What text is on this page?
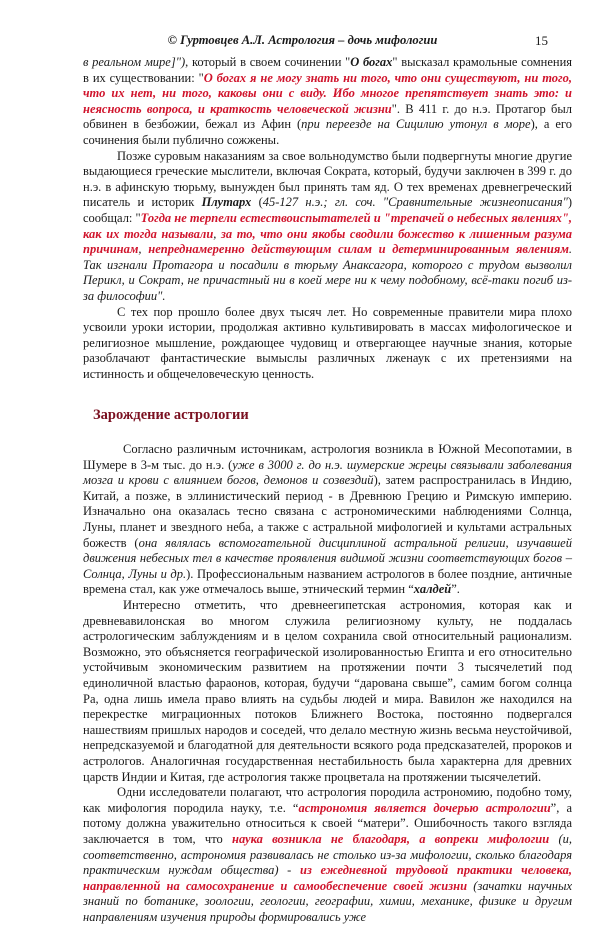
© Гуртовцев А.Л. Астрология – дочь мифологии	15

в реальном мире]"), который в своем сочинении "О богах" высказал крамольные сомнения в их существовании: "О богах я не могу знать ни того, что они существуют, ни того, что их нет, ни того, каковы они с виду. Ибо многое препятствует знать это: и неясность вопроса, и краткость человеческой жизни". В 411 г. до н.э. Протагор был обвинен в безбожии, бежал из Афин (при переезде на Сицилию утонул в море), а его сочинения были публично сожжены.

Позже суровым наказаниям за свое вольнодумство были подвергнуты многие другие выдающиеся греческие мыслители, включая Сократа, который, будучи заключен в 399 г. до н.э. в афинскую тюрьму, вынужден был принять там яд. О тех временах древнегреческий писатель и историк Плутарх (45-127 н.э.; гл. соч. "Сравнительные жизнеописания") сообщал: "Тогда не терпели естествоиспытателей и "трепачей о небесных явлениях", как их тогда называли, за то, что они якобы сводили божество к лишенным разума причинам, непреднамеренно действующим силам и детерминированным явлениям. Так изгнали Протагора и посадили в тюрьму Анаксагора, которого с трудом вызволил Перикл, и Сократ, не причастный ни в коей мере ни к чему подобному, всё-таки погиб из-за философии".

С тех пор прошло более двух тысяч лет. Но современные правители мира плохо усвоили уроки истории, продолжая активно культивировать в массах мифологическое и религиозное мышление, рождающее чудовищ и отвергающее научные знания, которые разоблачают фантастические вымыслы различных лженаук с их претензиями на истинность и общечеловеческую ценность.

Зарождение астрологии

Согласно различным источникам, астрология возникла в Южной Месопотамии, в Шумере в 3-м тыс. до н.э. (уже в 3000 г. до н.э. шумерские жрецы связывали заболевания мозга и крови с влиянием богов, демонов и созвездий), затем распространилась в Индию, Китай, а позже, в эллинистический период - в Древнюю Грецию и Римскую империю. Изначально она оказалась тесно связана с астрономическими наблюдениями Солнца, Луны, планет и звездного неба, а также с астральной мифологией и культами астральных божеств (она являлась вспомогательной дисциплиной астральной религии, изучавшей движения небесных тел в качестве проявления видимой жизни соответствующих богов – Солнца, Луны и др.). Профессиональным названием астрологов в более поздние, античные времена стал, как уже отмечалось выше, этнический термин “халдей”.

Интересно отметить, что древнеегипетская астрономия, которая как и древневавилонская во многом служила религиозному культу, не поддалась астрологическим заблуждениям и в целом сохранила свой относительный рационализм. Возможно, это объясняется географической изолированностью Египта и его относительно устойчивым экономическим развитием на протяжении почти 3 тысячелетий под единоличной властью фараонов, которая, будучи “дарована свыше”, самим богом солнца Ра, одна лишь имела право влиять на судьбы людей и мира. Вавилон же находился на перекрестке миграционных потоков Ближнего Востока, постоянно подвергался нашествиям пришлых народов и соседей, что делало местную жизнь весьма неустойчивой, непредсказуемой и благодатной для деятельности всякого рода предсказателей, пророков и астрологов. Аналогичная государственная нестабильность была характерна для древних царств Индии и Китая, где астрология также процветала на протяжении тысячелетий.

Одни исследователи полагают, что астрология породила астрономию, подобно тому, как мифология породила науку, т.е. “астрономия является дочерью астрологии”, а потому должна уважительно относиться к своей “матери”. Ошибочность такого взгляда заключается в том, что наука возникла не благодаря, а вопреки мифологии (и, соответственно, астрономия развивалась не столько из-за мифологии, сколько благодаря практическим нуждам общества) - из ежедневной трудовой практики человека, направленной на самосохранение и самообеспечение своей жизни (зачатки научных знаний по ботанике, зоологии, геологии, географии, химии, механике, физике и другим направлениям изучения природы формировались уже
